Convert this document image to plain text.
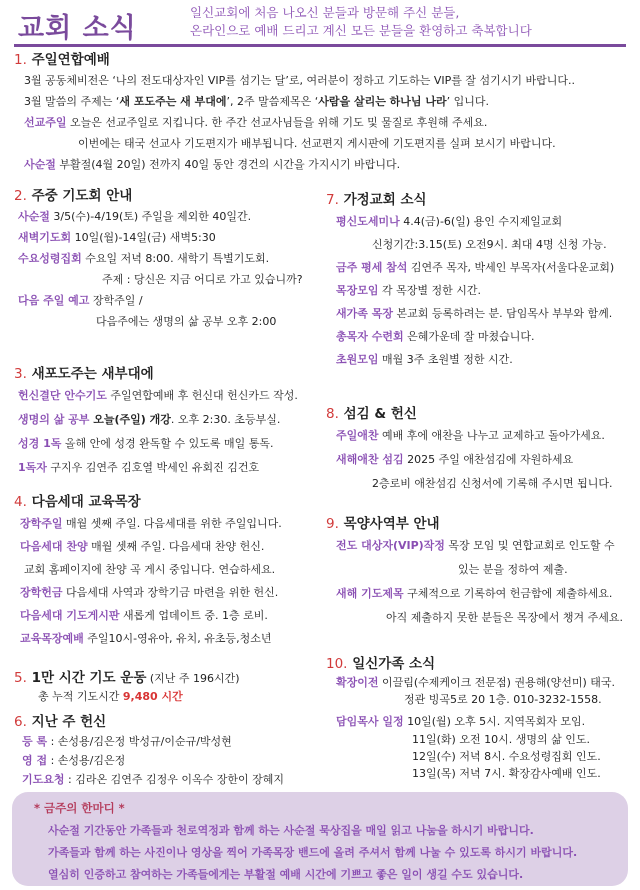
교회 소식
일신교회에 처음 나오신 분들과 방문해 주신 분들,
온라인으로 예배 드리고 계신 모든 분들을 환영하고 축복합니다
1. 주일연합예배
3월 공동체비전은 ‘나의 전도대상자인 VIP를 섬기는 달’로, 여러분이 정하고 기도하는 VIP를 잘 섬기시기 바랍니다..
3월 말씀의 주제는 ‘새 포도주는 새 부대에’, 2주 말씀제목은 ‘사람을 살리는 하나님 나라’ 입니다.
선교주일 오늘은 선교주일로 지킵니다. 한 주간 선교사님들을 위해 기도 및 물질로 후원해 주세요.
이번에는 태국 선교사 기도편지가 배부됩니다. 선교편지 게시판에 기도편지를 실펴 보시기 바랍니다.
사순절 부활절(4월 20일) 전까지 40일 동안 경건의 시간을 가지시기 바랍니다.
2. 주중 기도회 안내
사순절 3/5(수)-4/19(토) 주일을 제외한 40일간.
새벽기도회 10일(월)-14일(금) 새벽5:30
수요성령집회 수요일 저녁 8:00. 새학기 특별기도회.
주제 : 당신은 지금 어디로 가고 있습니까?
다음 주일 예고 장학주일 /
다음주에는 생명의 삶 공부 오후 2:00
3. 새포도주는 새부대에
헌신결단 안수기도 주일연합예배 후 헌신대 헌신카드 작성.
생명의 삶 공부 오늘(주일) 개강. 오후 2:30. 초등부실.
성경 1독 올해 안에 성경 완독할 수 있도록 매일 통독.
1독자 구지우 김연주 김호열 박세인 유회진 김건호
4. 다음세대 교육목장
장학주일 매월 셋째 주일. 다음세대를 위한 주일입니다.
다음세대 찬양 매월 셋째 주일. 다음세대 찬양 헌신.
교회 홈페이지에 찬양 곡 게시 중입니다. 연습하세요.
장학헌금 다음세대 사역과 장학기금 마련을 위한 헌신.
다음세대 기도게시판 새롭게 업데이트 중. 1층 로비.
교육목장예배 주일10시-영유아, 유치, 유초등,청소년
5. 1만 시간 기도 운동 (지난 주 196시간)
총 누적 기도시간 9,480 시간
6. 지난 주 헌신
등 록 : 손성용/김은정 박성규/이순규/박성현
영 접 : 손성용/김은정
기도요청 : 김라온 김연주 김정우 이옥수 장한이 장혜지
7. 가정교회 소식
평신도세미나 4.4(금)-6(일) 용인 수지제일교회
신청기간:3.15(토) 오전9시. 최대 4명 신청 가능.
금주 평세 참석 김연주 목자, 박세인 부목자(서울다운교회)
목장모임 각 목장별 정한 시간.
새가족 목장 본교회 등록하려는 분. 담임목사 부부와 함께.
총목자 수련회 은혜가운데 잘 마쳤습니다.
초원모임 매월 3주 초원별 정한 시간.
8. 섬김 & 헌신
주일애찬 예배 후에 애찬을 나누고 교제하고 돌아가세요.
새해애찬 섬김 2025 주일 애찬섬김에 자원하세요
2층로비 애찬섬김 신청서에 기록해 주시면 됩니다.
9. 목양사역부 안내
전도 대상자(VIP)작정 목장 모임 및 연합교회로 인도할 수
있는 분을 정하여 제출.
새해 기도제목 구체적으로 기록하여 헌금함에 제출하세요.
아직 제출하지 못한 분들은 목장에서 챙겨 주세요.
10. 일신가족 소식
확장이전 이끌림(수제케이크 전문점) 권용해(양선미) 태국.
정관 빙곡5로 20 1층. 010-3232-1558.
담임목사 일정 10일(월) 오후 5시. 지역목회자 모임.
11일(화) 오전 10시. 생명의 삶 인도.
12일(수) 저녁 8시. 수요성령집회 인도.
13일(목) 저녁 7시. 확장감사예배 인도.
* 금주의 한마디 *
사순절 기간동안 가족들과 천로역정과 함께 하는 사순절 묵상집을 매일 읽고 나눔을 하시기 바랍니다.
가족들과 함께 하는 사진이나 영상을 찍어 가족목장 밴드에 올려 주셔서 함께 나눌 수 있도록 하시기 바랍니다.
열심히 인증하고 참여하는 가족들에게는 부활절 예배 시간에 기쁘고 좋은 일이 생길 수도 있습니다.
